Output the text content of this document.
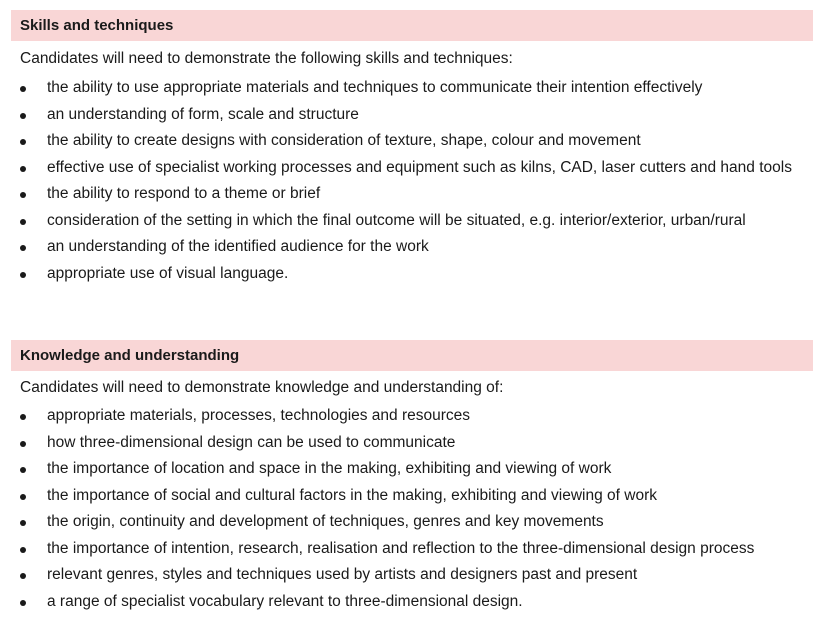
Skills and techniques

Candidates will need to demonstrate the following skills and techniques:

the ability to use appropriate materials and techniques to communicate their intention effectively
an understanding of form, scale and structure
the ability to create designs with consideration of texture, shape, colour and movement
effective use of specialist working processes and equipment such as kilns, CAD, laser cutters and hand tools
the ability to respond to a theme or brief
consideration of the setting in which the final outcome will be situated, e.g. interior/exterior, urban/rural
an understanding of the identified audience for the work
appropriate use of visual language.
Knowledge and understanding

Candidates will need to demonstrate knowledge and understanding of:

appropriate materials, processes, technologies and resources
how three-dimensional design can be used to communicate
the importance of location and space in the making, exhibiting and viewing of work
the importance of social and cultural factors in the making, exhibiting and viewing of work
the origin, continuity and development of techniques, genres and key movements
the importance of intention, research, realisation and reflection to the three-dimensional design process
relevant genres, styles and techniques used by artists and designers past and present
a range of specialist vocabulary relevant to three-dimensional design.
